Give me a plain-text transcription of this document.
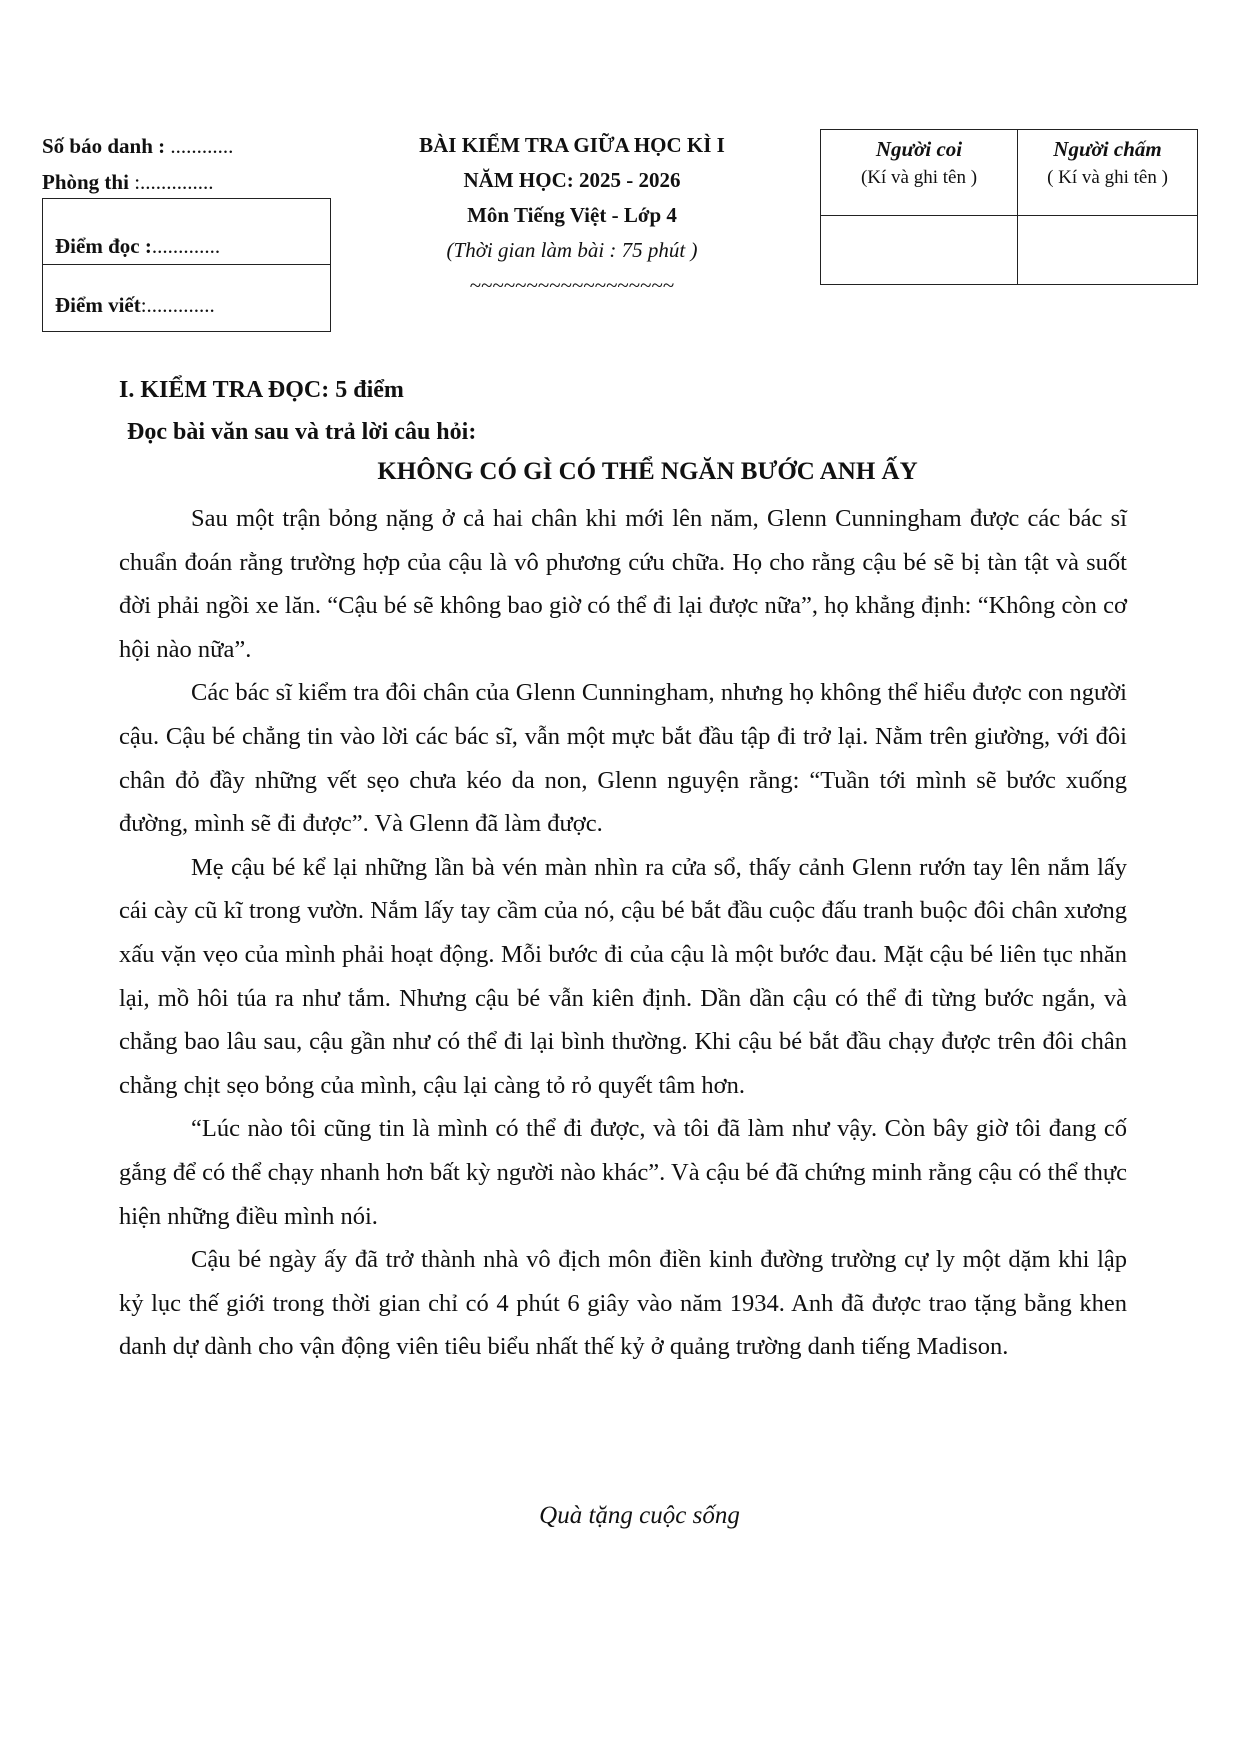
Số báo danh : ............
Phòng thi :..............
Điểm đọc : .............
Điểm viết :.............
BÀI KIỂM TRA GIỮA HỌC KÌ I
NĂM HỌC: 2025 - 2026
Môn Tiếng Việt - Lớp 4
(Thời gian làm bài : 75 phút )
~~~~~~~~~~~~~~~~~~
Người coi
(Kí và ghi tên )
Người chấm
( Kí và ghi tên )
I. KIỂM TRA ĐỌC: 5 điểm
Đọc bài văn sau và trả lời câu hỏi:
KHÔNG CÓ GÌ CÓ THỂ NGĂN BƯỚC ANH ẤY

Sau một trận bỏng nặng ở cả hai chân khi mới lên năm, Glenn Cunningham được các bác sĩ chuẩn đoán rằng trường hợp của cậu là vô phương cứu chữa. Họ cho rằng cậu bé sẽ bị tàn tật và suốt đời phải ngồi xe lăn. “Cậu bé sẽ không bao giờ có thể đi lại được nữa”, họ khẳng định: “Không còn cơ hội nào nữa”.

Các bác sĩ kiểm tra đôi chân của Glenn Cunningham, nhưng họ không thể hiểu được con người cậu. Cậu bé chẳng tin vào lời các bác sĩ, vẫn một mực bắt đầu tập đi trở lại. Nằm trên giường, với đôi chân đỏ đầy những vết sẹo chưa kéo da non, Glenn nguyện rằng: “Tuần tới mình sẽ bước xuống đường, mình sẽ đi được”. Và Glenn đã làm được.

Mẹ cậu bé kể lại những lần bà vén màn nhìn ra cửa sổ, thấy cảnh Glenn rướn tay lên nắm lấy cái cày cũ kĩ trong vườn. Nắm lấy tay cầm của nó, cậu bé bắt đầu cuộc đấu tranh buộc đôi chân xương xấu vặn vẹo của mình phải hoạt động. Mỗi bước đi của cậu là một bước đau. Mặt cậu bé liên tục nhăn lại, mồ hôi túa ra như tắm. Nhưng cậu bé vẫn kiên định. Dần dần cậu có thể đi từng bước ngắn, và chẳng bao lâu sau, cậu gần như có thể đi lại bình thường. Khi cậu bé bắt đầu chạy được trên đôi chân chằng chịt sẹo bỏng của mình, cậu lại càng tỏ rỏ quyết tâm hơn.

“Lúc nào tôi cũng tin là mình có thể đi được, và tôi đã làm như vậy. Còn bây giờ tôi đang cố gắng để có thể chạy nhanh hơn bất kỳ người nào khác”. Và cậu bé đã chứng minh rằng cậu có thể thực hiện những điều mình nói.

Cậu bé ngày ấy đã trở thành nhà vô địch môn điền kinh đường trường cự ly một dặm khi lập kỷ lục thế giới trong thời gian chỉ có 4 phút 6 giây vào năm 1934. Anh đã được trao tặng bằng khen danh dự dành cho vận động viên tiêu biểu nhất thế kỷ ở quảng trường danh tiếng Madison.

Quà tặng cuộc sống
